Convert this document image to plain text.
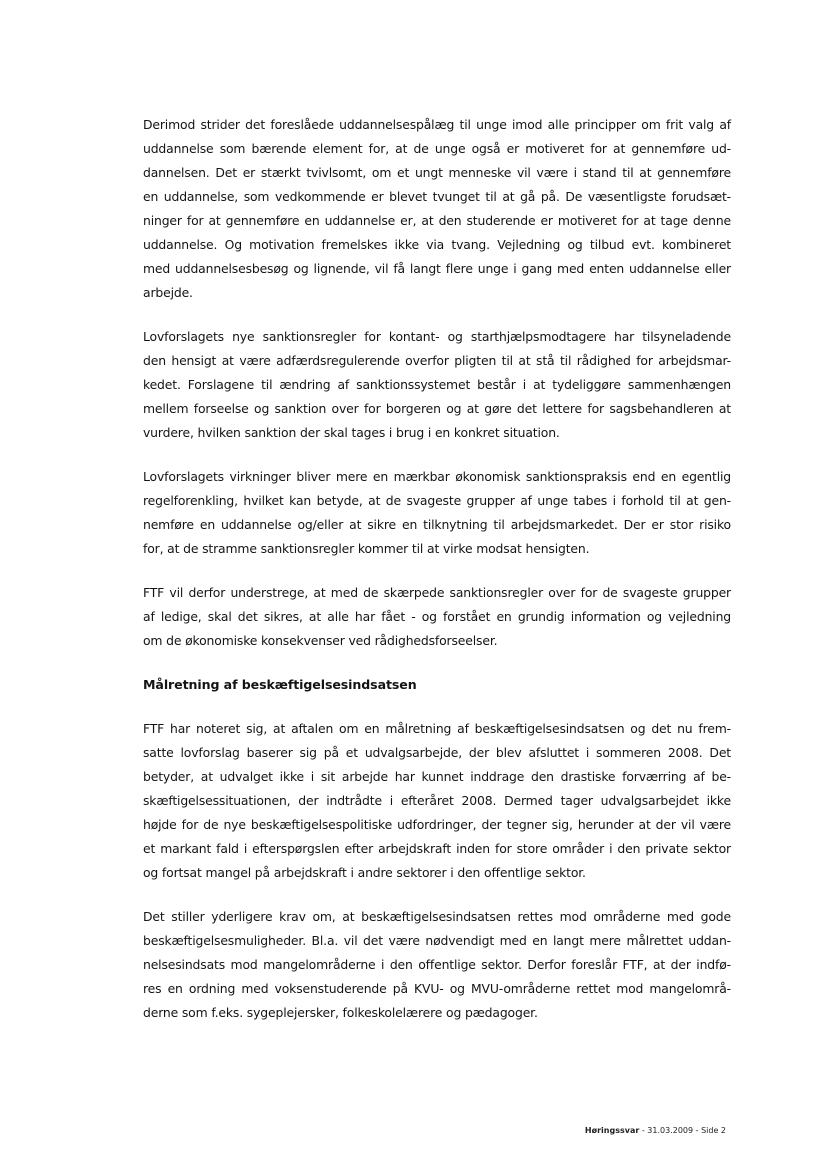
Derimod strider det foreslåede uddannelsespålæg til unge imod alle principper om frit valg af
uddannelse som bærende element for, at de unge også er motiveret for at gennemføre ud-
dannelsen. Det er stærkt tvivlsomt, om et ungt menneske vil være i stand til at gennemføre
en uddannelse, som vedkommende er blevet tvunget til at gå på. De væsentligste forudsæt-
ninger for at gennemføre en uddannelse er, at den studerende er motiveret for at tage denne
uddannelse. Og motivation fremelskes ikke via tvang. Vejledning og tilbud evt. kombineret
med uddannelsesbesøg og lignende, vil få langt flere unge i gang med enten uddannelse eller
arbejde.
Lovforslagets nye sanktionsregler for kontant- og starthjælpsmodtagere har tilsyneladende
den hensigt at være adfærdsregulerende overfor pligten til at stå til rådighed for arbejdsmar-
kedet. Forslagene til ændring af sanktionssystemet består i at tydeliggøre sammenhængen
mellem forseelse og sanktion over for borgeren og at gøre det lettere for sagsbehandleren at
vurdere, hvilken sanktion der skal tages i brug i en konkret situation.
Lovforslagets virkninger bliver mere en mærkbar økonomisk sanktionspraksis end en egentlig
regelforenkling, hvilket kan betyde, at de svageste grupper af unge tabes i forhold til at gen-
nemføre en uddannelse og/eller at sikre en tilknytning til arbejdsmarkedet. Der er stor risiko
for, at de stramme sanktionsregler kommer til at virke modsat hensigten.
FTF vil derfor understrege, at med de skærpede sanktionsregler over for de svageste grupper
af ledige, skal det sikres, at alle har fået - og forstået en grundig information og vejledning
om de økonomiske konsekvenser ved rådighedsforseelser.
Målretning af beskæftigelsesindsatsen
FTF har noteret sig, at aftalen om en målretning af beskæftigelsesindsatsen og det nu frem-
satte lovforslag baserer sig på et udvalgsarbejde, der blev afsluttet i sommeren 2008. Det
betyder, at udvalget ikke i sit arbejde har kunnet inddrage den drastiske forværring af be-
skæftigelsessituationen, der indtrådte i efteråret 2008. Dermed tager udvalgsarbejdet ikke
højde for de nye beskæftigelsespolitiske udfordringer, der tegner sig, herunder at der vil være
et markant fald i efterspørgslen efter arbejdskraft inden for store områder i den private sektor
og fortsat mangel på arbejdskraft i andre sektorer i den offentlige sektor.
Det stiller yderligere krav om, at beskæftigelsesindsatsen rettes mod områderne med gode
beskæftigelsesmuligheder. Bl.a. vil det være nødvendigt med en langt mere målrettet uddan-
nelsesindsats mod mangelområderne i den offentlige sektor. Derfor foreslår FTF, at der indfø-
res en ordning med voksenstuderende på KVU- og MVU-områderne rettet mod mangelområ-
derne som f.eks. sygeplejersker, folkeskolelærere og pædagoger.
Høringssvar - 31.03.2009 - Side 2
